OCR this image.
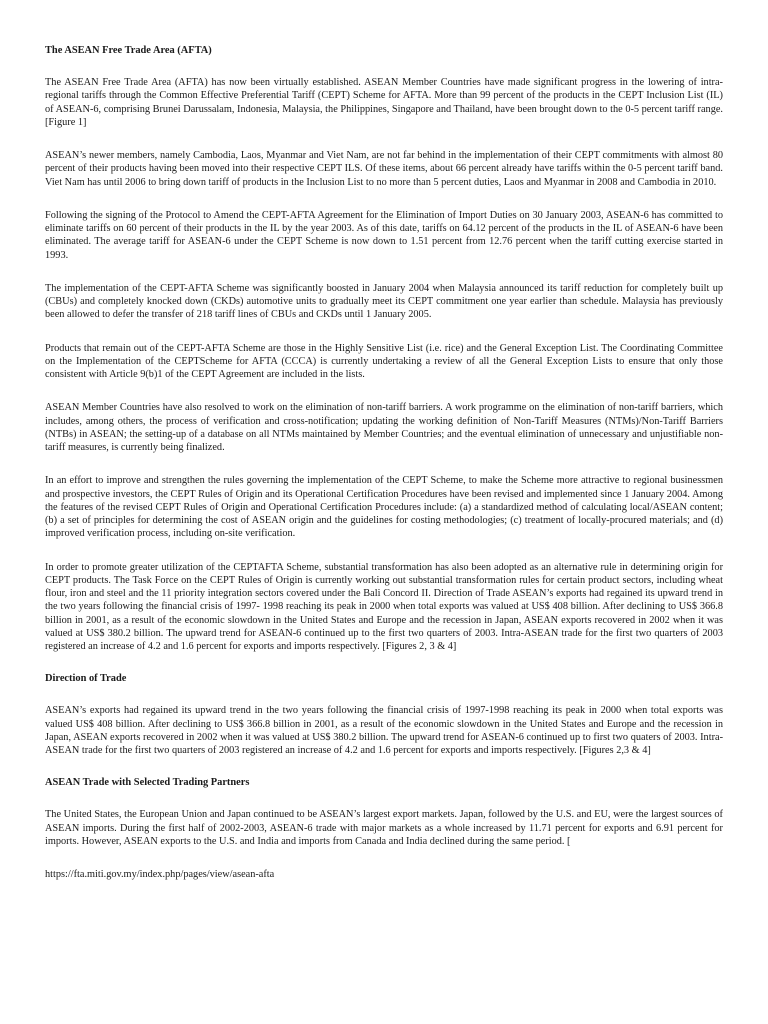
The ASEAN Free Trade Area (AFTA)

The ASEAN Free Trade Area (AFTA) has now been virtually established. ASEAN Member Countries have made significant progress in the lowering of intra-regional tariffs through the Common Effective Preferential Tariff (CEPT) Scheme for AFTA. More than 99 percent of the products in the CEPT Inclusion List (IL) of ASEAN-6, comprising Brunei Darussalam, Indonesia, Malaysia, the Philippines, Singapore and Thailand, have been brought down to the 0-5 percent tariff range. [Figure 1]

ASEAN’s newer members, namely Cambodia, Laos, Myanmar and Viet Nam, are not far behind in the implementation of their CEPT commitments with almost 80 percent of their products having been moved into their respective CEPT ILS. Of these items, about 66 percent already have tariffs within the 0-5 percent tariff band. Viet Nam has until 2006 to bring down tariff of products in the Inclusion List to no more than 5 percent duties, Laos and Myanmar in 2008 and Cambodia in 2010.

Following the signing of the Protocol to Amend the CEPT-AFTA Agreement for the Elimination of Import Duties on 30 January 2003, ASEAN-6 has committed to eliminate tariffs on 60 percent of their products in the IL by the year 2003. As of this date, tariffs on 64.12 percent of the products in the IL of ASEAN-6 have been eliminated. The average tariff for ASEAN-6 under the CEPT Scheme is now down to 1.51 percent from 12.76 percent when the tariff cutting exercise started in 1993.

The implementation of the CEPT-AFTA Scheme was significantly boosted in January 2004 when Malaysia announced its tariff reduction for completely built up (CBUs) and completely knocked down (CKDs) automotive units to gradually meet its CEPT commitment one year earlier than schedule. Malaysia has previously been allowed to defer the transfer of 218 tariff lines of CBUs and CKDs until 1 January 2005.

Products that remain out of the CEPT-AFTA Scheme are those in the Highly Sensitive List (i.e. rice) and the General Exception List. The Coordinating Committee on the Implementation of the CEPTScheme for AFTA (CCCA) is currently undertaking a review of all the General Exception Lists to ensure that only those consistent with Article 9(b)1 of the CEPT Agreement are included in the lists.

ASEAN Member Countries have also resolved to work on the elimination of non-tariff barriers. A work programme on the elimination of non-tariff barriers, which includes, among others, the process of verification and cross-notification; updating the working definition of Non-Tariff Measures (NTMs)/Non-Tariff Barriers (NTBs) in ASEAN; the setting-up of a database on all NTMs maintained by Member Countries; and the eventual elimination of unnecessary and unjustifiable non-tariff measures, is currently being finalized.

In an effort to improve and strengthen the rules governing the implementation of the CEPT Scheme, to make the Scheme more attractive to regional businessmen and prospective investors, the CEPT Rules of Origin and its Operational Certification Procedures have been revised and implemented since 1 January 2004. Among the features of the revised CEPT Rules of Origin and Operational Certification Procedures include: (a) a standardized method of calculating local/ASEAN content; (b) a set of principles for determining the cost of ASEAN origin and the guidelines for costing methodologies; (c) treatment of locally-procured materials; and (d) improved verification process, including on-site verification.

In order to promote greater utilization of the CEPTAFTA Scheme, substantial transformation has also been adopted as an alternative rule in determining origin for CEPT products. The Task Force on the CEPT Rules of Origin is currently working out substantial transformation rules for certain product sectors, including wheat flour, iron and steel and the 11 priority integration sectors covered under the Bali Concord II. Direction of Trade ASEAN’s exports had regained its upward trend in the two years following the financial crisis of 1997- 1998 reaching its peak in 2000 when total exports was valued at US$ 408 billion. After declining to US$ 366.8 billion in 2001, as a result of the economic slowdown in the United States and Europe and the recession in Japan, ASEAN exports recovered in 2002 when it was valued at US$ 380.2 billion. The upward trend for ASEAN-6 continued up to the first two quarters of 2003. Intra-ASEAN trade for the first two quarters of 2003 registered an increase of 4.2 and 1.6 percent for exports and imports respectively. [Figures 2, 3 & 4]

Direction of Trade

ASEAN’s exports had regained its upward trend in the two years following the financial crisis of 1997-1998 reaching its peak in 2000 when total exports was valued US$ 408 billion. After declining to US$ 366.8 billion in 2001, as a result of the economic slowdown in the United States and Europe and the recession in Japan, ASEAN exports recovered in 2002 when it was valued at US$ 380.2 billion. The upward trend for ASEAN-6 continued up to first two quaters of 2003. Intra-ASEAN trade for the first two quarters of 2003 registered an increase of 4.2 and 1.6 percent for exports and imports respectively. [Figures 2,3 & 4]

ASEAN Trade with Selected Trading Partners

The United States, the European Union and Japan continued to be ASEAN’s largest export markets. Japan, followed by the U.S. and EU, were the largest sources of ASEAN imports. During the first half of 2002-2003, ASEAN-6 trade with major markets as a whole increased by 11.71 percent for exports and 6.91 percent for imports. However, ASEAN exports to the U.S. and India and imports from Canada and India declined during the same period. [

https://fta.miti.gov.my/index.php/pages/view/asean-afta
